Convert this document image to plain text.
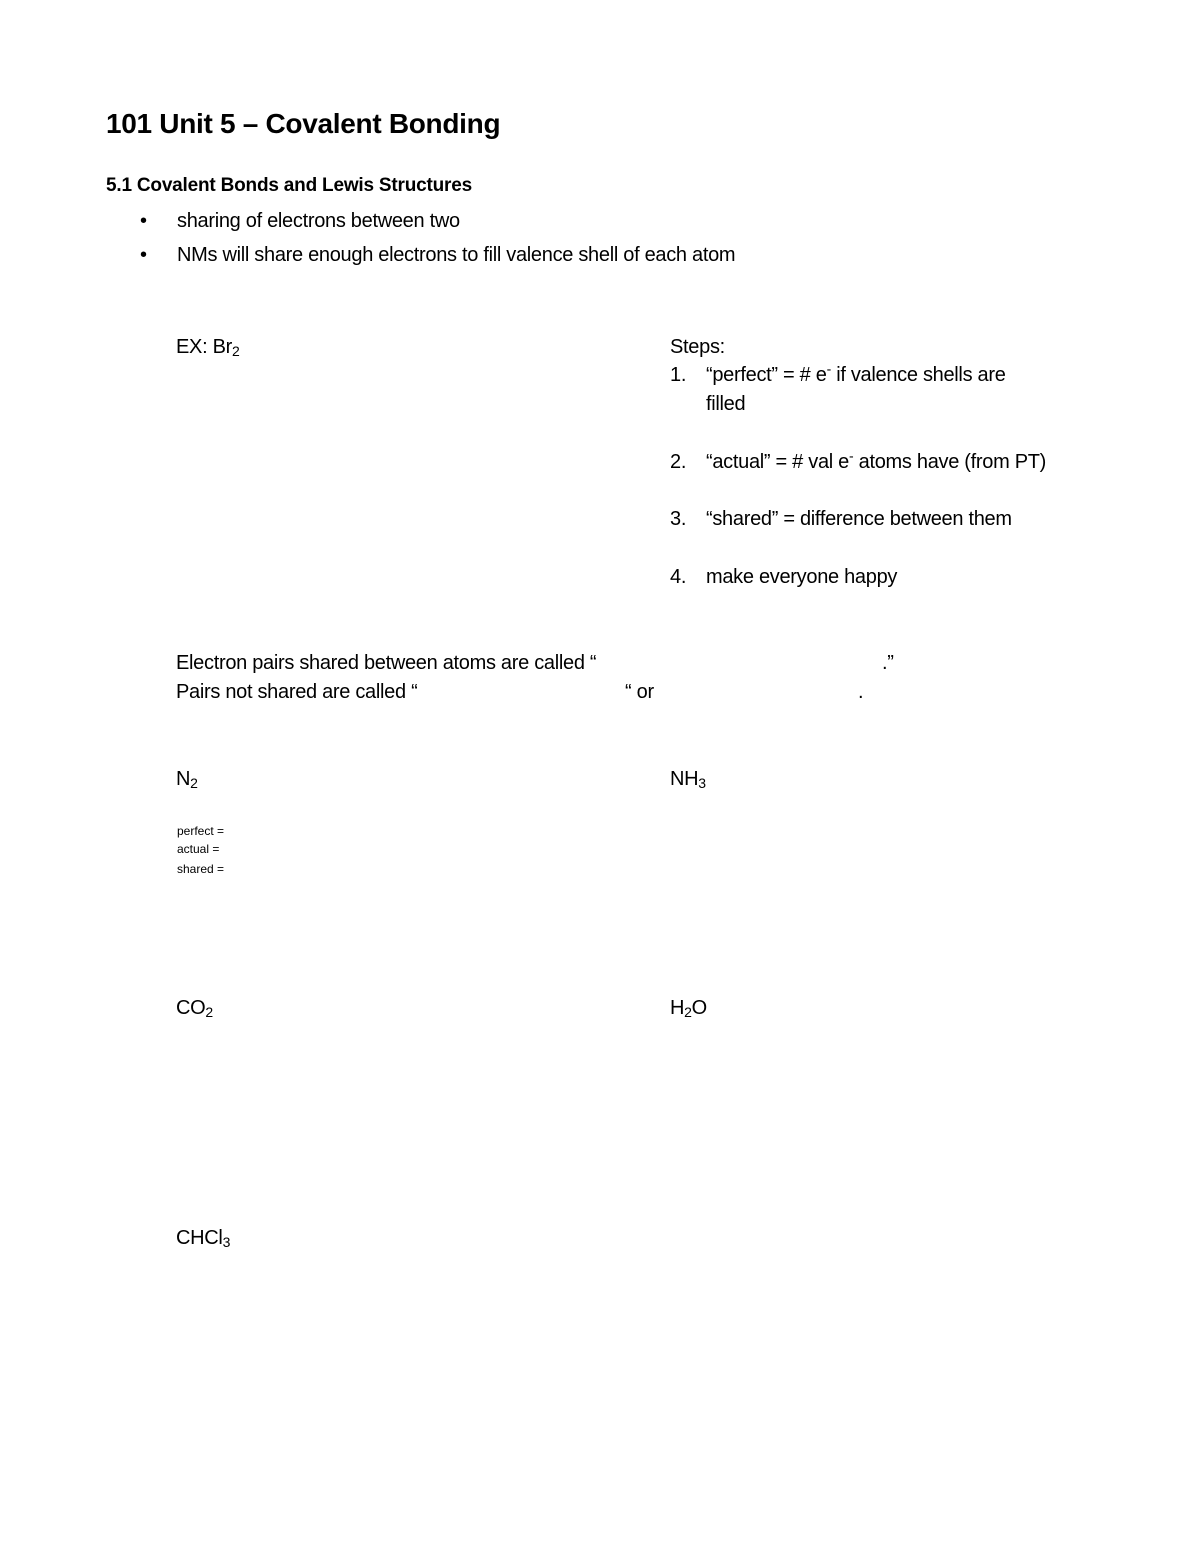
101 Unit 5 – Covalent Bonding
5.1 Covalent Bonds and Lewis Structures
• sharing of electrons between two
• NMs will share enough electrons to fill valence shell of each atom
EX: $Br_2$	Steps:
1. “perfect” = # e- if valence shells are
filled
2. “actual” = # val e- atoms have (from PT)
3. “shared” = difference between them
4. make everyone happy
Electron pairs shared between atoms are called “	.”
Pairs not shared are called “	“ or	.
$N_2$	$NH_3$
perfect =
actual =
shared =
$CO_2$	$H_2O$
CHCl$_3$
